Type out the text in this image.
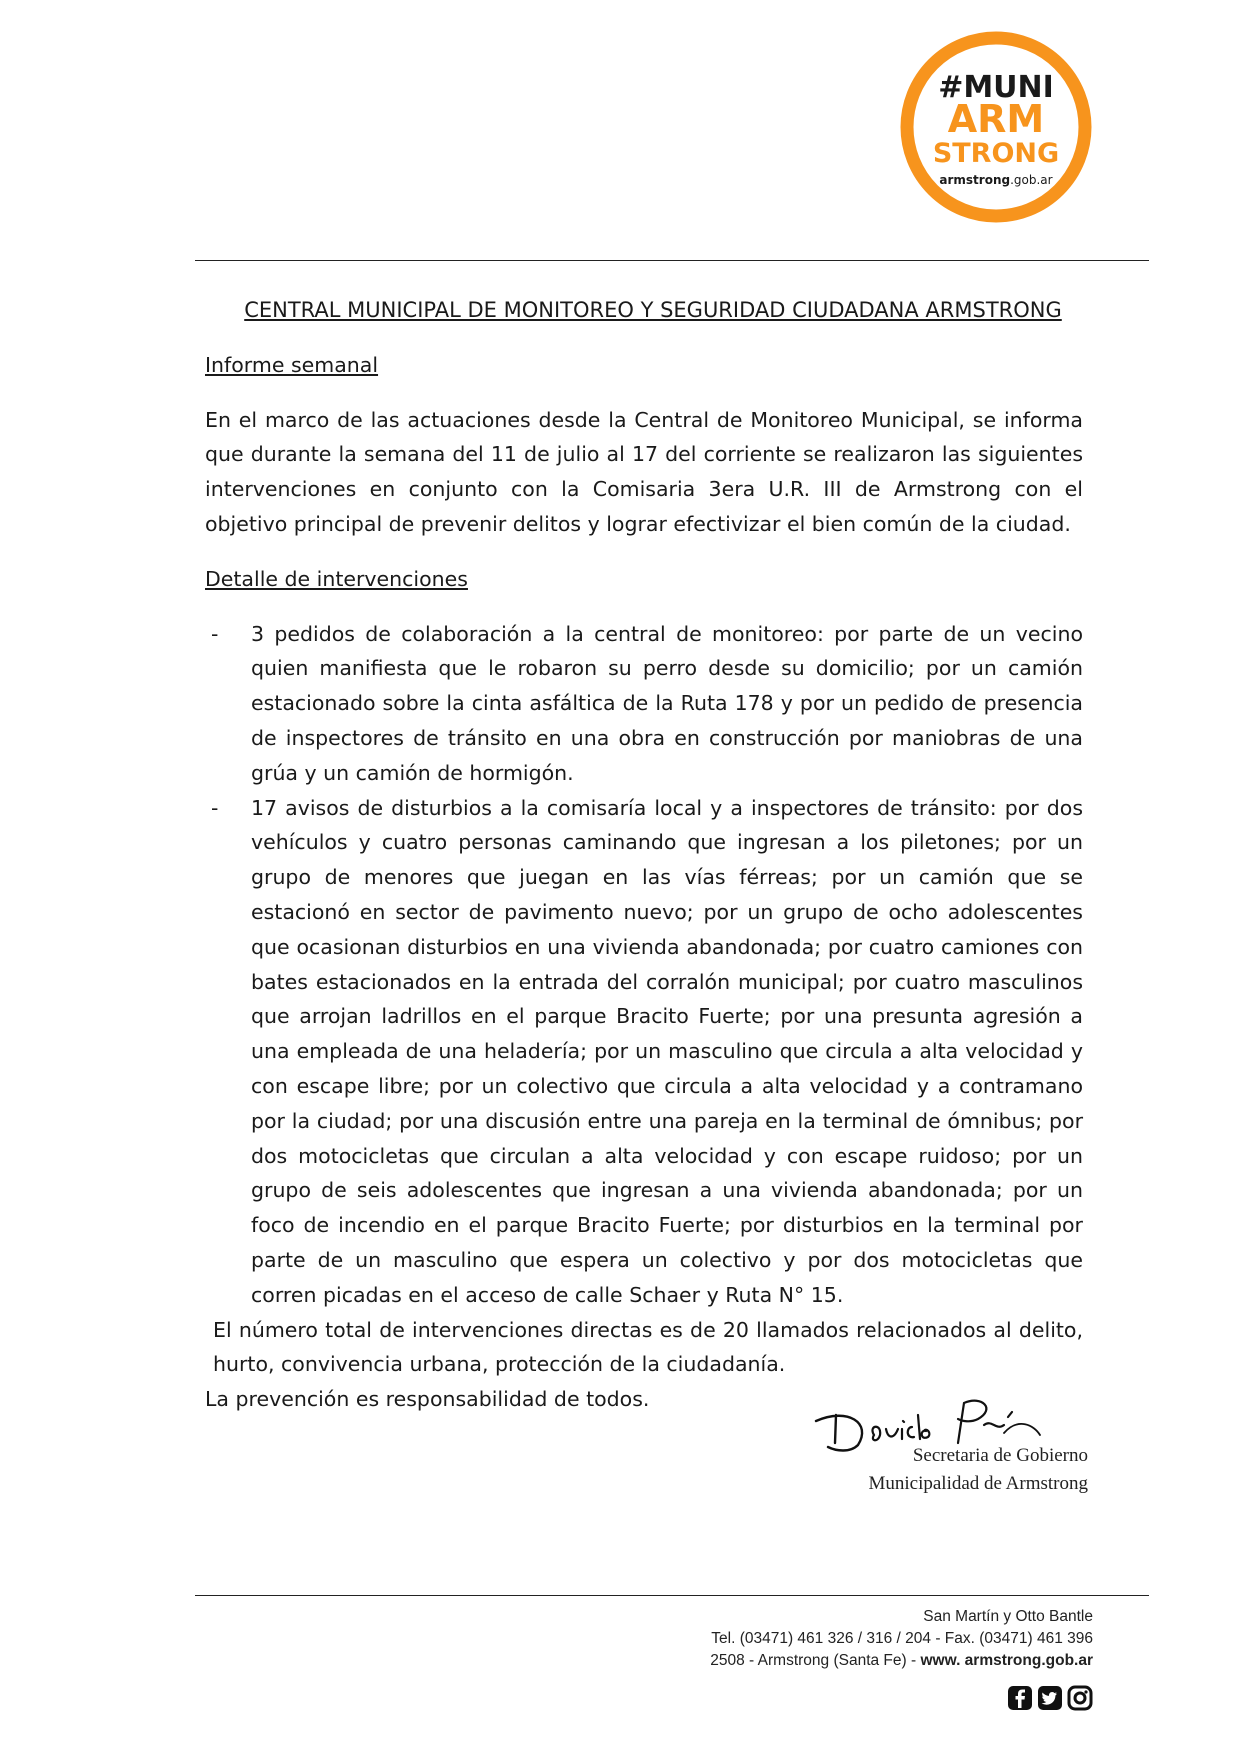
#MUNI
ARM
STRONG
armstrong.gob.ar
CENTRAL MUNICIPAL DE MONITOREO Y SEGURIDAD CIUDADANA ARMSTRONG
Informe semanal
En el marco de las actuaciones desde la Central de Monitoreo Municipal, se informa que durante la semana del 11 de julio al 17 del corriente se realizaron las siguientes intervenciones en conjunto con la Comisaria 3era U.R. III de Armstrong con el objetivo principal de prevenir delitos y lograr efectivizar el bien común de la ciudad.
Detalle de intervenciones
- 3 pedidos de colaboración a la central de monitoreo: por parte de un vecino quien manifiesta que le robaron su perro desde su domicilio; por un camión estacionado sobre la cinta asfáltica de la Ruta 178 y por un pedido de presencia de inspectores de tránsito en una obra en construcción por maniobras de una grúa y un camión de hormigón.
- 17 avisos de disturbios a la comisaría local y a inspectores de tránsito: por dos vehículos y cuatro personas caminando que ingresan a los piletones; por un grupo de menores que juegan en las vías férreas; por un camión que se estacionó en sector de pavimento nuevo; por un grupo de ocho adolescentes que ocasionan disturbios en una vivienda abandonada; por cuatro camiones con bates estacionados en la entrada del corralón municipal; por cuatro masculinos que arrojan ladrillos en el parque Bracito Fuerte; por una presunta agresión a una empleada de una heladería; por un masculino que circula a alta velocidad y con escape libre; por un colectivo que circula a alta velocidad y a contramano por la ciudad; por una discusión entre una pareja en la terminal de ómnibus; por dos motocicletas que circulan a alta velocidad y con escape ruidoso; por un grupo de seis adolescentes que ingresan a una vivienda abandonada; por un foco de incendio en el parque Bracito Fuerte; por disturbios en la terminal por parte de un masculino que espera un colectivo y por dos motocicletas que corren picadas en el acceso de calle Schaer y Ruta N° 15.
El número total de intervenciones directas es de 20 llamados relacionados al delito, hurto, convivencia urbana, protección de la ciudadanía.
La prevención es responsabilidad de todos.
Secretaria de Gobierno
Municipalidad de Armstrong
San Martín y Otto Bantle
Tel. (03471) 461 326 / 316 / 204 - Fax. (03471) 461 396
2508 - Armstrong (Santa Fe) - www. armstrong.gob.ar
